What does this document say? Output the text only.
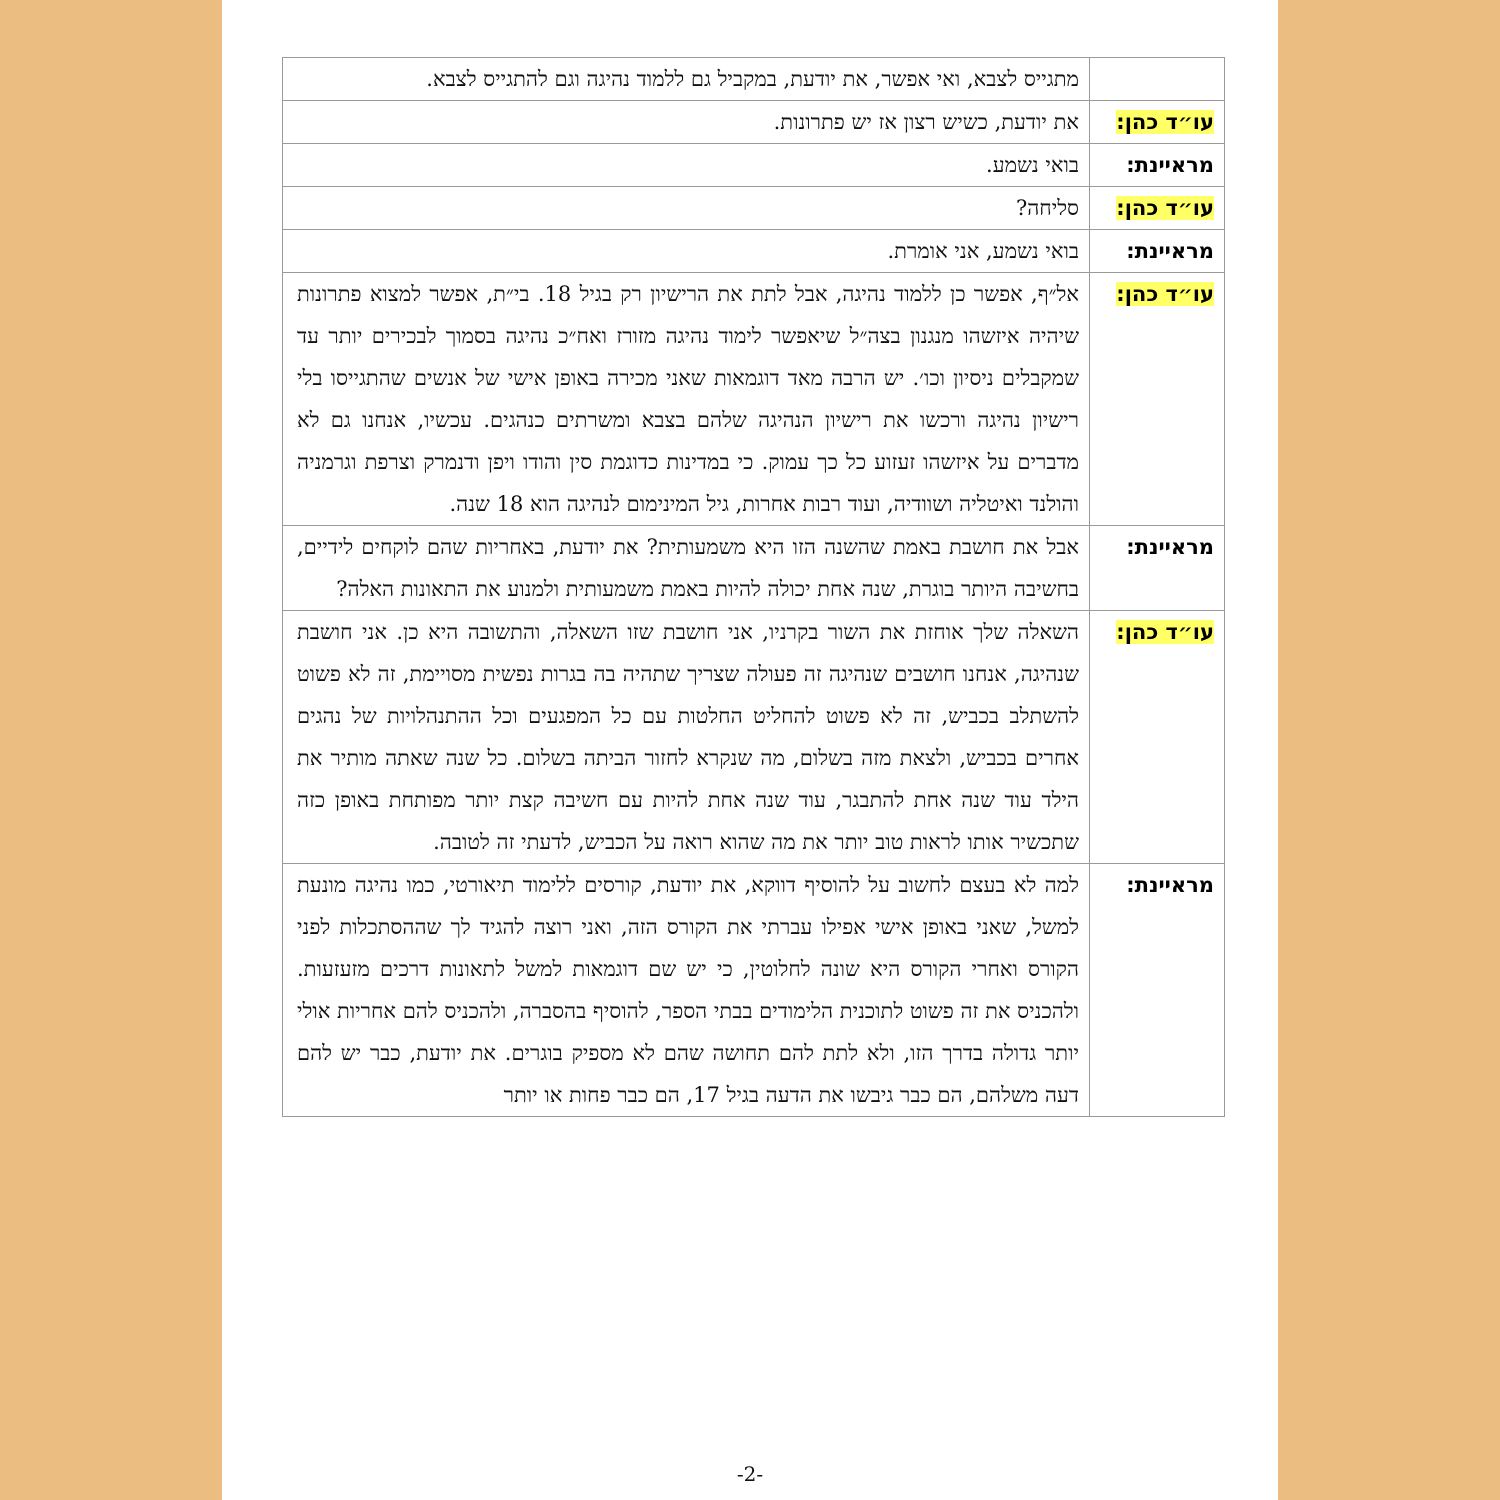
	מתגייס לצבא, ואי אפשר, את יודעת, במקביל גם ללמוד נהיגה וגם להתגייס לצבא.
עו״ד כהן:	את יודעת, כשיש רצון אז יש פתרונות.
מראיינת:	בואי נשמע.
עו״ד כהן:	סליחה?
מראיינת:	בואי נשמע, אני אומרת.
עו״ד כהן:	אל״ף, אפשר כן ללמוד נהיגה, אבל לתת את הרישיון רק בגיל 18. בי״ת, אפשר למצוא פתרונות שיהיה איזשהו מנגנון בצה״ל שיאפשר לימוד נהיגה מזורז ואח״כ נהיגה בסמוך לבכירים יותר עד שמקבלים ניסיון וכו׳. יש הרבה מאד דוגמאות שאני מכירה באופן אישי של אנשים שהתגייסו בלי רישיון נהיגה ורכשו את רישיון הנהיגה שלהם בצבא ומשרתים כנהגים. עכשיו, אנחנו גם לא מדברים על איזשהו זעזוע כל כך עמוק. כי במדינות כדוגמת סין והודו ויפן ודנמרק וצרפת וגרמניה והולנד ואיטליה ושוודיה, ועוד רבות אחרות, גיל המינימום לנהיגה הוא 18 שנה.
מראיינת:	אבל את חושבת באמת שהשנה הזו היא משמעותית? את יודעת, באחריות שהם לוקחים לידיים, בחשיבה היותר בוגרת, שנה אחת יכולה להיות באמת משמעותית ולמנוע את התאונות האלה?
עו״ד כהן:	השאלה שלך אוחזת את השור בקרניו, אני חושבת שזו השאלה, והתשובה היא כן. אני חושבת שנהיגה, אנחנו חושבים שנהיגה זה פעולה שצריך שתהיה בה בגרות נפשית מסויימת, זה לא פשוט להשתלב בכביש, זה לא פשוט להחליט החלטות עם כל המפגעים וכל ההתנהלויות של נהגים אחרים בכביש, ולצאת מזה בשלום, מה שנקרא לחזור הביתה בשלום. כל שנה שאתה מותיר את הילד עוד שנה אחת להתבגר, עוד שנה אחת להיות עם חשיבה קצת יותר מפותחת באופן כזה שתכשיר אותו לראות טוב יותר את מה שהוא רואה על הכביש, לדעתי זה לטובה.
מראיינת:	למה לא בעצם לחשוב על להוסיף דווקא, את יודעת, קורסים ללימוד תיאורטי, כמו נהיגה מונעת למשל, שאני באופן אישי אפילו עברתי את הקורס הזה, ואני רוצה להגיד לך שההסתכלות לפני הקורס ואחרי הקורס היא שונה לחלוטין, כי יש שם דוגמאות למשל לתאונות דרכים מזעזעות. ולהכניס את זה פשוט לתוכנית הלימודים בבתי הספר, להוסיף בהסברה, ולהכניס להם אחריות אולי יותר גדולה בדרך הזו, ולא לתת להם תחושה שהם לא מספיק בוגרים. את יודעת, כבר יש להם דעה משלהם, הם כבר גיבשו את הדעה בגיל 17, הם כבר פחות או יותר
-2-
